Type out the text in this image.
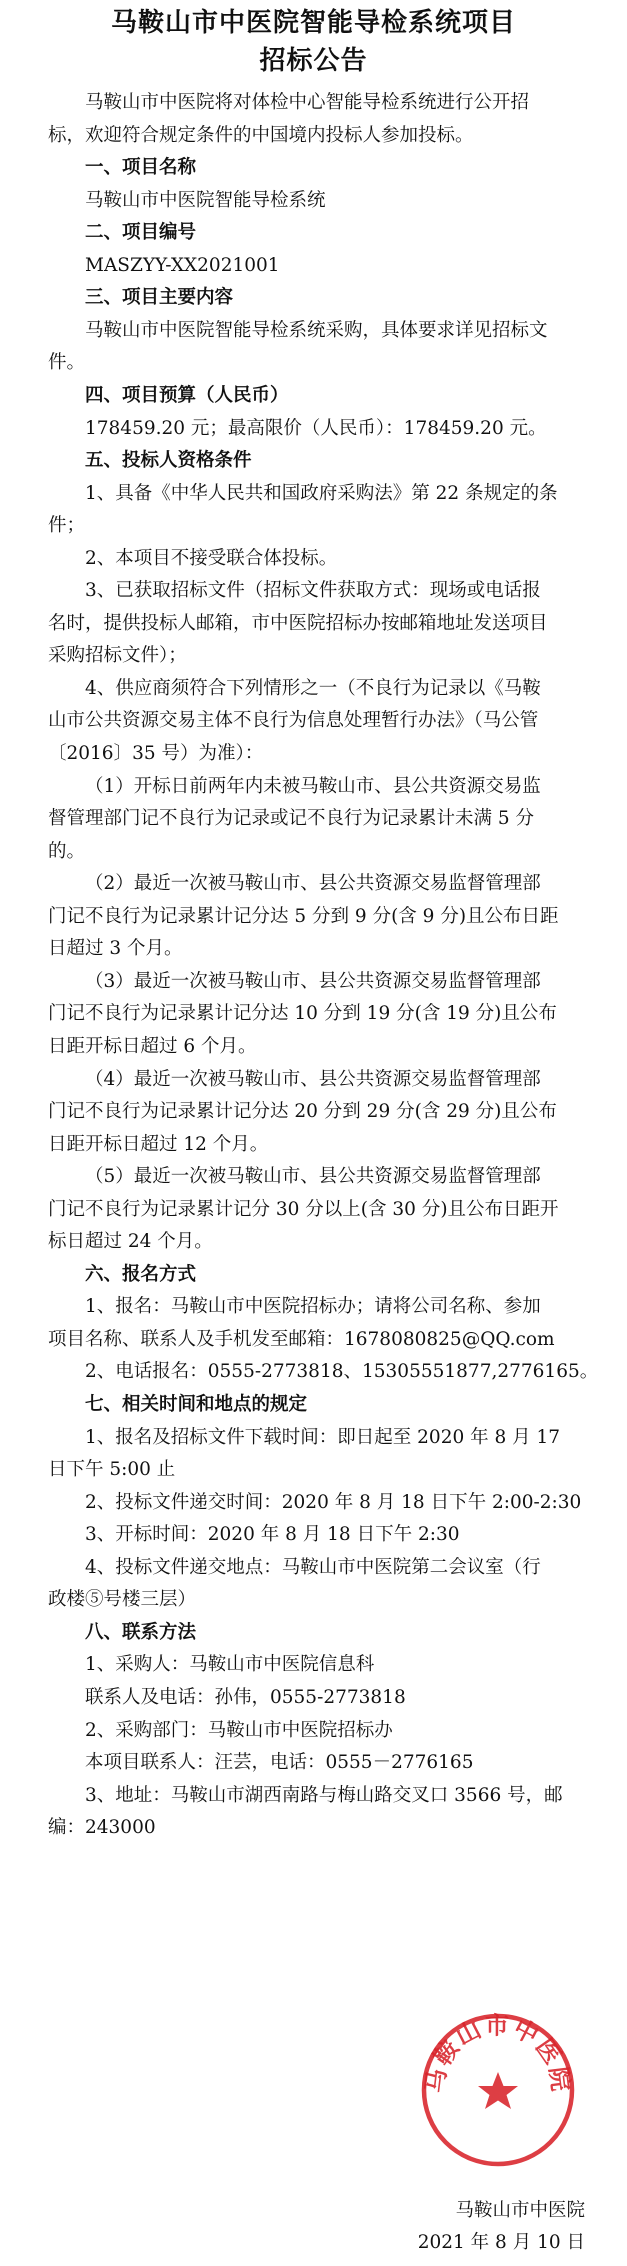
马鞍山市中医院智能导检系统项目
招标公告
马鞍山市中医院将对体检中心智能导检系统进行公开招
标，欢迎符合规定条件的中国境内投标人参加投标。
一、项目名称
马鞍山市中医院智能导检系统
二、项目编号
MASZYY-XX2021001
三、项目主要内容
马鞍山市中医院智能导检系统采购，具体要求详见招标文
件。
四、项目预算（人民币）
178459.20 元；最高限价（人民币）：178459.20 元。
五、投标人资格条件
1、具备《中华人民共和国政府采购法》第 22 条规定的条
件；
2、本项目不接受联合体投标。
3、已获取招标文件（招标文件获取方式：现场或电话报
名时，提供投标人邮箱，市中医院招标办按邮箱地址发送项目
采购招标文件）；
4、供应商须符合下列情形之一（不良行为记录以《马鞍
山市公共资源交易主体不良行为信息处理暂行办法》（马公管
〔2016〕35 号）为准）：
（1）开标日前两年内未被马鞍山市、县公共资源交易监
督管理部门记不良行为记录或记不良行为记录累计未满 5 分
的。
（2）最近一次被马鞍山市、县公共资源交易监督管理部
门记不良行为记录累计记分达 5 分到 9 分(含 9 分)且公布日距
日超过 3 个月。
（3）最近一次被马鞍山市、县公共资源交易监督管理部
门记不良行为记录累计记分达 10 分到 19 分(含 19 分)且公布
日距开标日超过 6 个月。
（4）最近一次被马鞍山市、县公共资源交易监督管理部
门记不良行为记录累计记分达 20 分到 29 分(含 29 分)且公布
日距开标日超过 12 个月。
（5）最近一次被马鞍山市、县公共资源交易监督管理部
门记不良行为记录累计记分 30 分以上(含 30 分)且公布日距开
标日超过 24 个月。
六、报名方式
1、报名：马鞍山市中医院招标办；请将公司名称、参加
项目名称、联系人及手机发至邮箱：1678080825@QQ.com
2、电话报名：0555-2773818、15305551877,2776165。
七、相关时间和地点的规定
1、报名及招标文件下载时间：即日起至 2020 年 8 月 17
日下午 5:00 止
2、投标文件递交时间：2020 年 8 月 18 日下午 2:00-2:30
3、开标时间：2020 年 8 月 18 日下午 2:30
4、投标文件递交地点：马鞍山市中医院第二会议室（行
政楼⑤号楼三层）
八、联系方法
1、采购人：马鞍山市中医院信息科
联系人及电话：孙伟，0555-2773818
2、采购部门：马鞍山市中医院招标办
本项目联系人：汪芸，电话：0555－2776165
3、地址：马鞍山市湖西南路与梅山路交叉口 3566 号，邮
编：243000
马鞍山市中医院
马鞍山市中医院
2021 年 8 月 10 日
